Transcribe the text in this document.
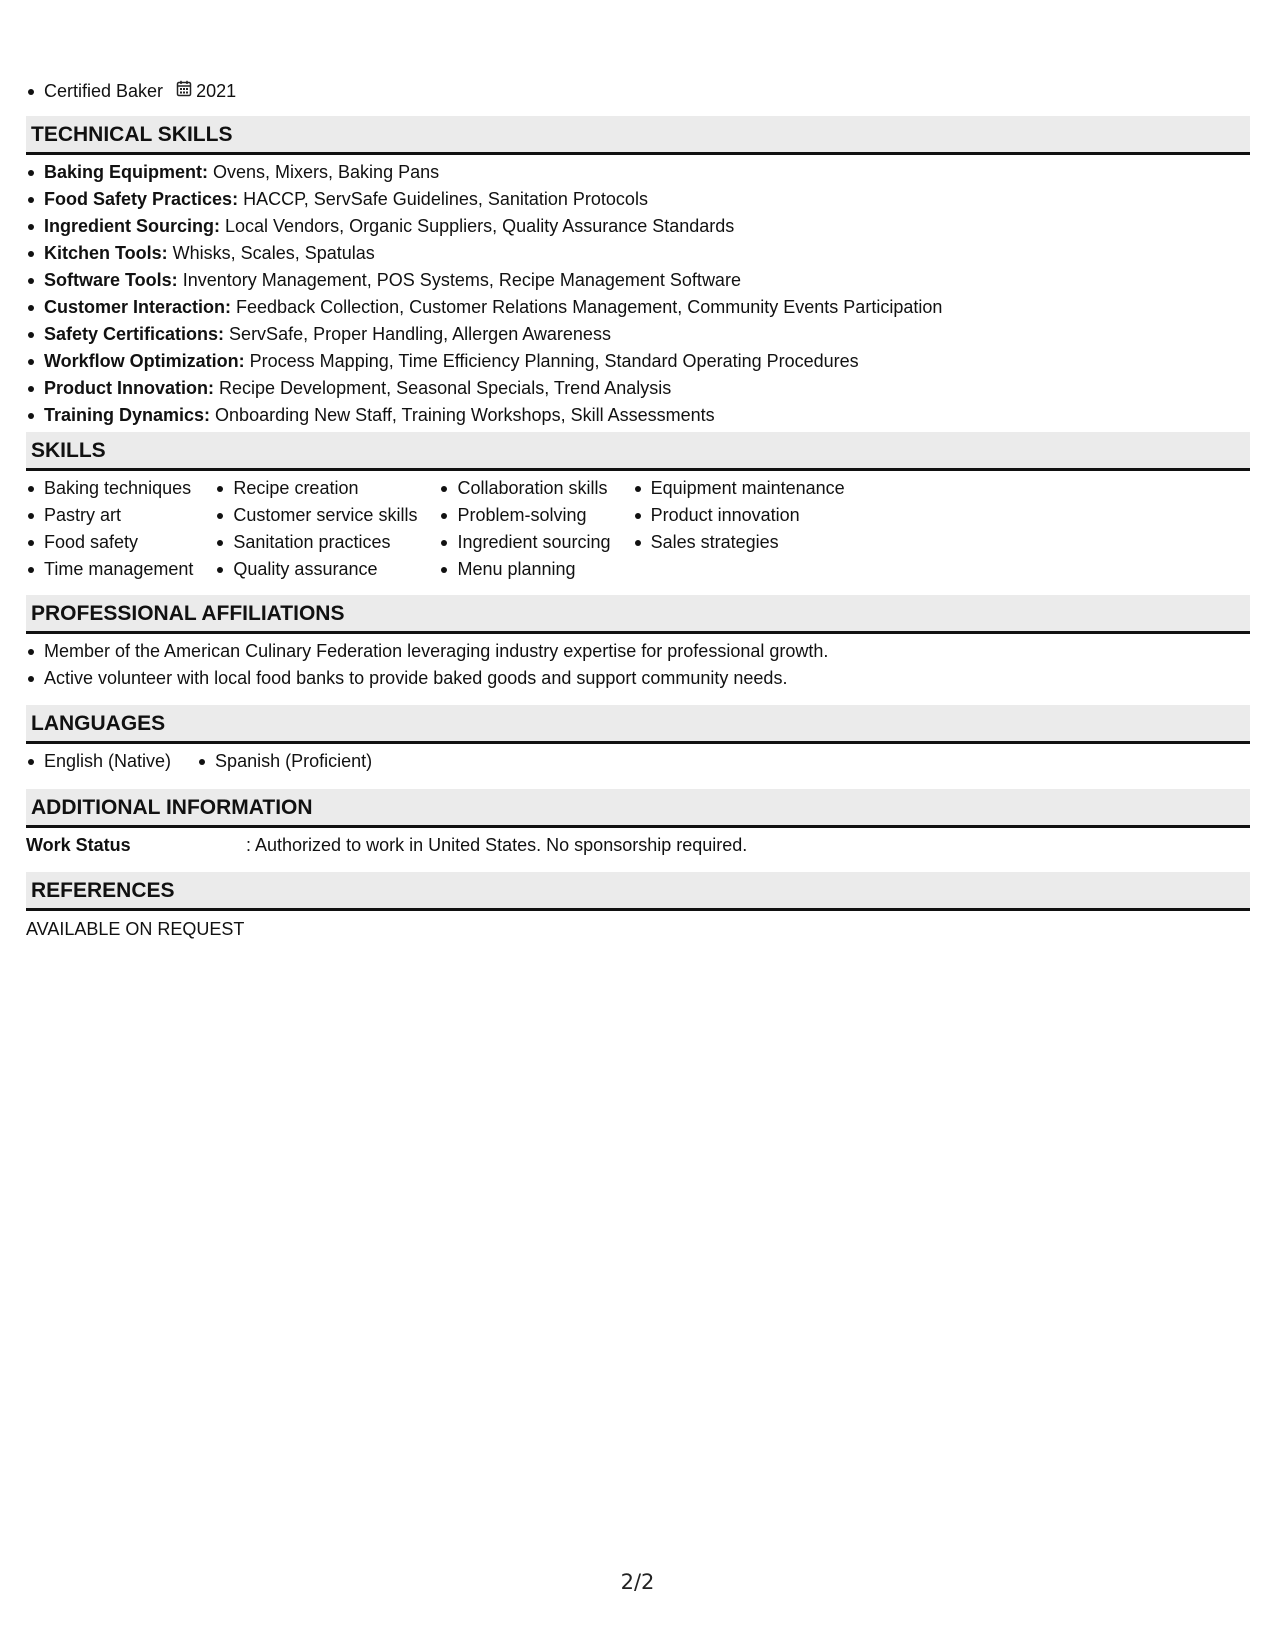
Certified Baker 2021
TECHNICAL SKILLS
Baking Equipment: Ovens, Mixers, Baking Pans
Food Safety Practices: HACCP, ServSafe Guidelines, Sanitation Protocols
Ingredient Sourcing: Local Vendors, Organic Suppliers, Quality Assurance Standards
Kitchen Tools: Whisks, Scales, Spatulas
Software Tools: Inventory Management, POS Systems, Recipe Management Software
Customer Interaction: Feedback Collection, Customer Relations Management, Community Events Participation
Safety Certifications: ServSafe, Proper Handling, Allergen Awareness
Workflow Optimization: Process Mapping, Time Efficiency Planning, Standard Operating Procedures
Product Innovation: Recipe Development, Seasonal Specials, Trend Analysis
Training Dynamics: Onboarding New Staff, Training Workshops, Skill Assessments
SKILLS
Baking techniques
Pastry art
Food safety
Time management
Recipe creation
Customer service skills
Sanitation practices
Quality assurance
Collaboration skills
Problem-solving
Ingredient sourcing
Menu planning
Equipment maintenance
Product innovation
Sales strategies
PROFESSIONAL AFFILIATIONS
Member of the American Culinary Federation leveraging industry expertise for professional growth.
Active volunteer with local food banks to provide baked goods and support community needs.
LANGUAGES
English (Native)	Spanish (Proficient)
ADDITIONAL INFORMATION
Work Status	: Authorized to work in United States. No sponsorship required.
REFERENCES
AVAILABLE ON REQUEST
2/2
